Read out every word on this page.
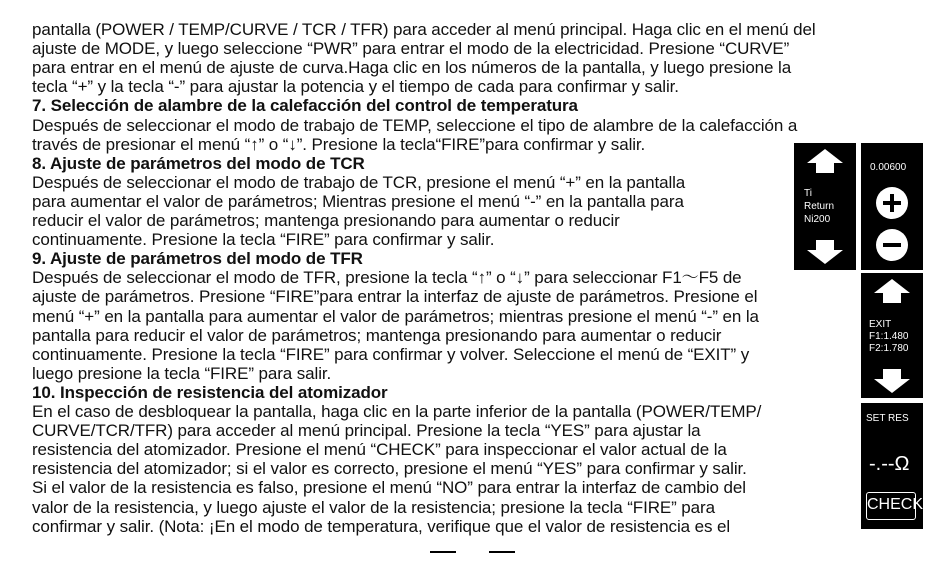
pantalla (POWER / TEMP/CURVE / TCR / TFR) para acceder al menú principal. Haga clic en el menú del
ajuste de MODE, y luego seleccione “PWR” para entrar el modo de la electricidad. Presione “CURVE”
para entrar en el menú de ajuste de curva.Haga clic en los números de la pantalla, y luego presione la
tecla “+” y la tecla “-” para ajustar la potencia y el tiempo de cada para confirmar y salir.
7. Selección de alambre de la calefacción del control de temperatura
Después de seleccionar el modo de trabajo de TEMP, seleccione el tipo de alambre de la calefacción a
través de presionar el menú “↑” o “↓”. Presione la tecla“FIRE”para confirmar y salir.
8. Ajuste de parámetros del modo de TCR
Después de seleccionar el modo de trabajo de TCR, presione el menú “+” en la pantalla
para aumentar el valor de parámetros; Mientras presione el menú “-” en la pantalla para
reducir el valor de parámetros; mantenga presionando para aumentar o reducir
continuamente. Presione la tecla “FIRE” para confirmar y salir.
9. Ajuste de parámetros del modo de TFR
Después de seleccionar el modo de TFR, presione la tecla “↑” o “↓” para seleccionar F1～F5 de
ajuste de parámetros. Presione “FIRE”para entrar la interfaz de ajuste de parámetros. Presione el
menú “+” en la pantalla para aumentar el valor de parámetros; mientras presione el menú “-” en la
pantalla para reducir el valor de parámetros; mantenga presionando para aumentar o reducir
continuamente. Presione la tecla “FIRE” para confirmar y volver. Seleccione el menú de “EXIT” y
luego presione la tecla “FIRE” para salir.
10. Inspección de resistencia del atomizador
En el caso de desbloquear la pantalla, haga clic en la parte inferior de la pantalla (POWER/TEMP/
CURVE/TCR/TFR) para acceder al menú principal. Presione la tecla “YES” para ajustar la
resistencia del atomizador. Presione el menú “CHECK” para inspeccionar el valor actual de la
resistencia del atomizador; si el valor es correcto, presione el menú “YES” para confirmar y salir.
Si el valor de la resistencia es falso, presione el menú “NO” para entrar la interfaz de cambio del
valor de la resistencia, y luego ajuste el valor de la resistencia; presione la tecla “FIRE” para
confirmar y salir. (Nota: ¡En el modo de temperatura, verifique que el valor de resistencia es el
Ti
Return
Ni200
0.00600
EXIT
F1:1.480
F2:1.780
SET RES
-.--Ω
CHECK
